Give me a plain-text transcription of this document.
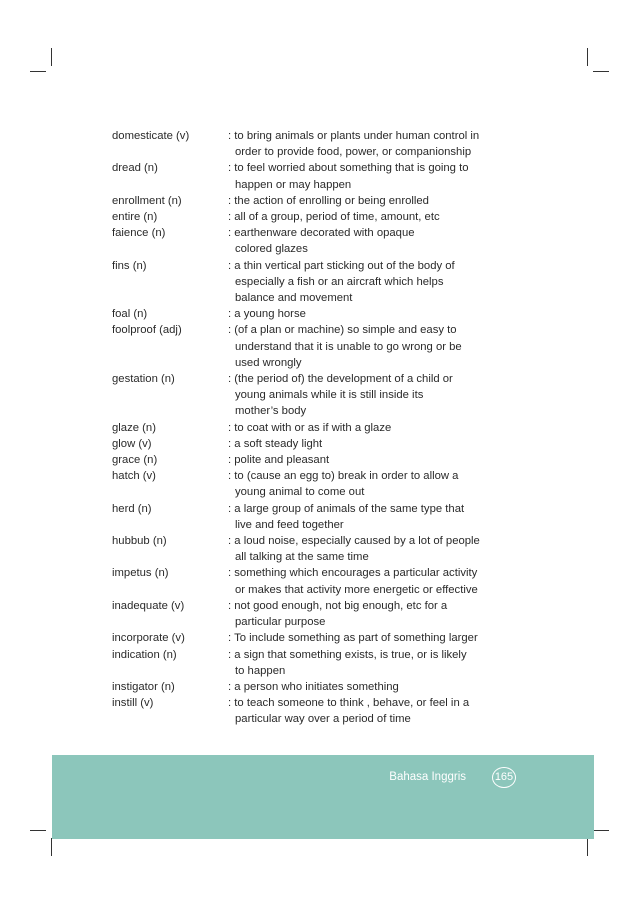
domesticate (v)	: to bring animals or plants under human control in
order to provide food, power, or companionship
dread (n)	: to feel worried about something that is going to
happen or may happen
enrollment (n)	: the action of enrolling or being enrolled
entire (n)	: all of a group, period of time, amount, etc
faience (n)	: earthenware decorated with opaque
colored glazes
fins (n)	: a thin vertical part sticking out of the body of
especially a fish or an aircraft which helps
balance and movement
foal (n)	: a young horse
foolproof (adj)	: (of a plan or machine) so simple and easy to
understand that it is unable to go wrong or be
used wrongly
gestation (n)	: (the period of) the development of a child or
young animals while it is still inside its
mother’s body
glaze (n)	: to coat with or as if with a glaze
glow (v)	: a soft steady light
grace (n)	: polite and pleasant
hatch (v)	: to (cause an egg to) break in order to allow a
young animal to come out
herd (n)	: a large group of animals of the same type that
live and feed together
hubbub (n)	: a loud noise, especially caused by a lot of people
all talking at the same time
impetus (n)	: something which encourages a particular activity
or makes that activity more energetic or effective
inadequate (v)	: not good enough, not big enough, etc for a
particular purpose
incorporate (v)	: To include something as part of something larger
indication (n)	: a sign that something exists, is true, or is likely
to happen
instigator (n)	: a person who initiates something
instill (v)	: to teach someone to think , behave, or feel in a
particular way over a period of time
Bahasa Inggris	165
